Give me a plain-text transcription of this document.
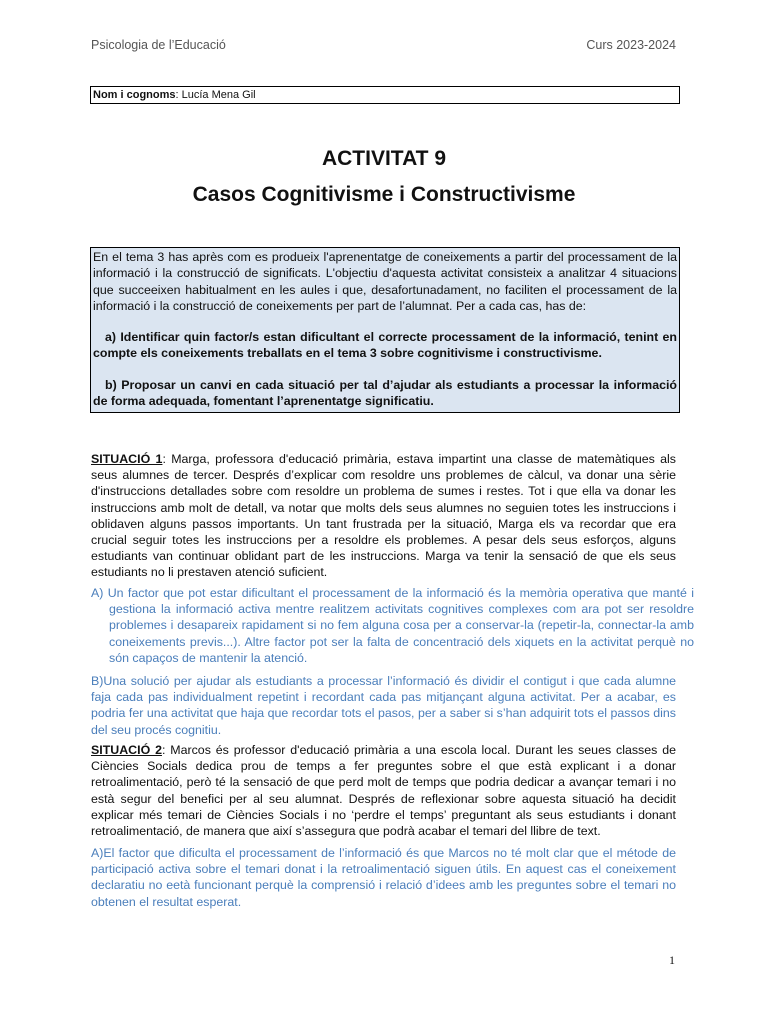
Psicologia de l’Educació	Curs 2023-2024
Nom i cognoms: Lucía Mena Gil
ACTIVITAT 9
Casos Cognitivisme i Constructivisme

En el tema 3 has après com es produeix l'aprenentatge de coneixements a partir del processament de la informació i la construcció de significats. L'objectiu d'aquesta activitat consisteix a analitzar 4 situacions que succeeixen habitualment en les aules i que, desafortunadament, no faciliten el processament de la informació i la construcció de coneixements per part de l’alumnat. Per a cada cas, has de:

a) Identificar quin factor/s estan dificultant el correcte processament de la informació, tenint en compte els coneixements treballats en el tema 3 sobre cognitivisme i constructivisme.

b) Proposar un canvi en cada situació per tal d’ajudar als estudiants a processar la informació de forma adequada, fomentant l’aprenentatge significatiu.

SITUACIÓ 1: Marga, professora d'educació primària, estava impartint una classe de matemàtiques als seus alumnes de tercer. Després d’explicar com resoldre uns problemes de càlcul, va donar una sèrie d'instruccions detallades sobre com resoldre un problema de sumes i restes. Tot i que ella va donar les instruccions amb molt de detall, va notar que molts dels seus alumnes no seguien totes les instruccions i oblidaven alguns passos importants. Un tant frustrada per la situació, Marga els va recordar que era crucial seguir totes les instruccions per a resoldre els problemes. A pesar dels seus esforços, alguns estudiants van continuar oblidant part de les instruccions. Marga va tenir la sensació de que els seus estudiants no li prestaven atenció suficient.

A) Un factor que pot estar dificultant el processament de la informació és la memòria operativa que manté i gestiona la informació activa mentre realitzem activitats cognitives complexes com ara pot ser resoldre problemes i desapareix rapidament si no fem alguna cosa per a conservar-la (repetir-la, connectar-la amb coneixements previs...). Altre factor pot ser la falta de concentració dels xiquets en la activitat perquè no són capaços de mantenir la atenció.

B)Una solució per ajudar als estudiants a processar l’informació és dividir el contigut i que cada alumne faja cada pas individualment repetint i recordant cada pas mitjançant alguna activitat. Per a acabar, es podria fer una activitat que haja que recordar tots el pasos, per a saber si s’han adquirit tots el passos dins del seu procés cognitiu.

SITUACIÓ 2: Marcos és professor d'educació primària a una escola local. Durant les seues classes de Ciències Socials dedica prou de temps a fer preguntes sobre el que està explicant i a donar retroalimentació, però té la sensació de que perd molt de temps que podria dedicar a avançar temari i no està segur del benefici per al seu alumnat. Després de reflexionar sobre aquesta situació ha decidit explicar més temari de Ciències Socials i no ‘perdre el temps’ preguntant als seus estudiants i donant retroalimentació, de manera que així s’assegura que podrà acabar el temari del llibre de text.

A)El factor que dificulta el processament de l’informació és que Marcos no té molt clar que el métode de participació activa sobre el temari donat i la retroalimentació siguen útils. En aquest cas el coneixement declaratiu no eetà funcionant perquè la comprensió i relació d’idees amb les preguntes sobre el temari no obtenen el resultat esperat.

1
